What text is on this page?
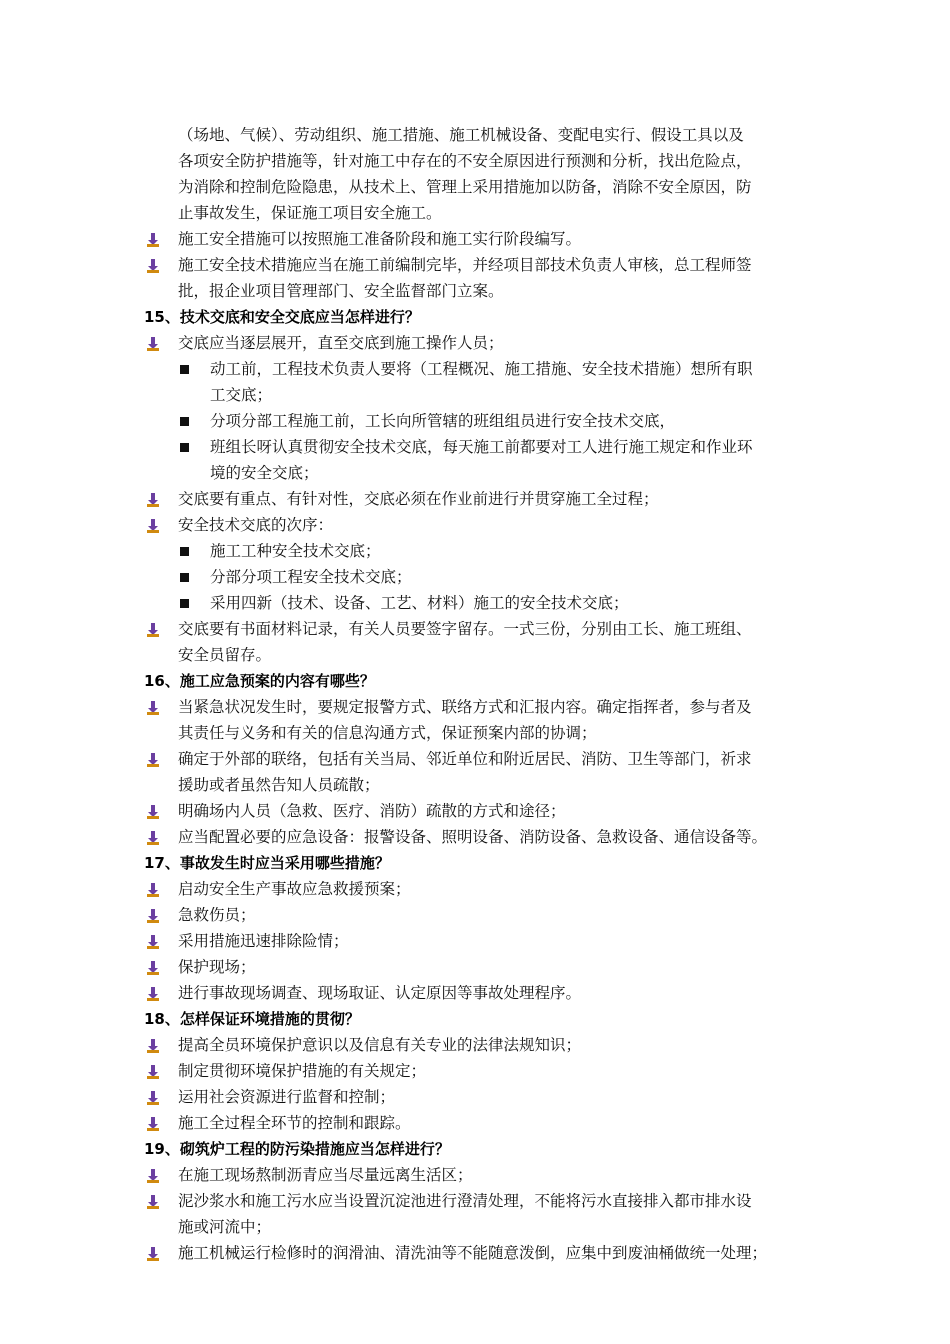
（场地、气候）、劳动组织、施工措施、施工机械设备、变配电实行、假设工具以及
各项安全防护措施等，针对施工中存在的不安全原因进行预测和分析，找出危险点，
为消除和控制危险隐患，从技术上、管理上采用措施加以防备，消除不安全原因，防
止事故发生，保证施工项目安全施工。
施工安全措施可以按照施工准备阶段和施工实行阶段编写。
施工安全技术措施应当在施工前编制完毕，并经项目部技术负责人审核，总工程师签
批，报企业项目管理部门、安全监督部门立案。
15、技术交底和安全交底应当怎样进行？
交底应当逐层展开，直至交底到施工操作人员；
动工前，工程技术负责人要将（工程概况、施工措施、安全技术措施）想所有职
工交底；
分项分部工程施工前，工长向所管辖的班组组员进行安全技术交底，
班组长呀认真贯彻安全技术交底，每天施工前都要对工人进行施工规定和作业环
境的安全交底；
交底要有重点、有针对性，交底必须在作业前进行并贯穿施工全过程；
安全技术交底的次序：
施工工种安全技术交底；
分部分项工程安全技术交底；
采用四新（技术、设备、工艺、材料）施工的安全技术交底；
交底要有书面材料记录，有关人员要签字留存。一式三份，分别由工长、施工班组、
安全员留存。
16、施工应急预案的内容有哪些？
当紧急状况发生时，要规定报警方式、联络方式和汇报内容。确定指挥者，参与者及
其责任与义务和有关的信息沟通方式，保证预案内部的协调；
确定于外部的联络，包括有关当局、邻近单位和附近居民、消防、卫生等部门，祈求
援助或者虽然告知人员疏散；
明确场内人员（急救、医疗、消防）疏散的方式和途径；
应当配置必要的应急设备：报警设备、照明设备、消防设备、急救设备、通信设备等。
17、事故发生时应当采用哪些措施？
启动安全生产事故应急救援预案；
急救伤员；
采用措施迅速排除险情；
保护现场；
进行事故现场调查、现场取证、认定原因等事故处理程序。
18、怎样保证环境措施的贯彻？
提高全员环境保护意识以及信息有关专业的法律法规知识；
制定贯彻环境保护措施的有关规定；
运用社会资源进行监督和控制；
施工全过程全环节的控制和跟踪。
19、砌筑炉工程的防污染措施应当怎样进行？
在施工现场熬制沥青应当尽量远离生活区；
泥沙浆水和施工污水应当设置沉淀池进行澄清处理，不能将污水直接排入都市排水设
施或河流中；
施工机械运行检修时的润滑油、清洗油等不能随意泼倒，应集中到废油桶做统一处理；
